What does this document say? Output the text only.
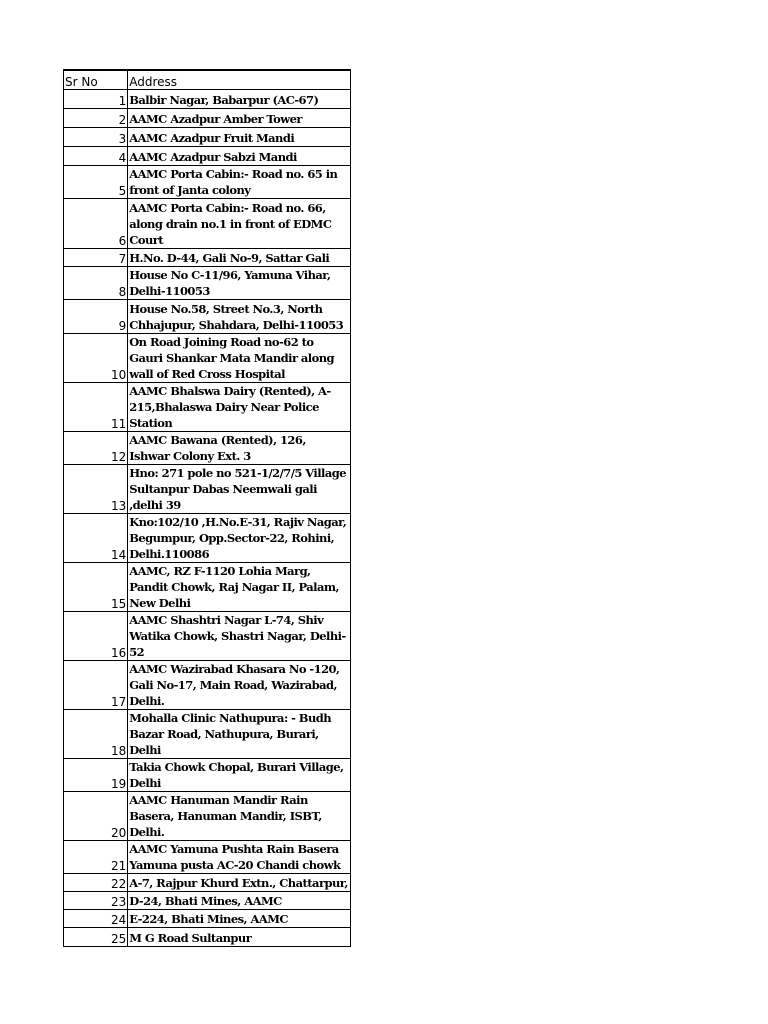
Sr No	Address
1	Balbir Nagar, Babarpur (AC-67)
2	AAMC Azadpur Amber Tower
3	AAMC Azadpur Fruit Mandi
4	AAMC Azadpur Sabzi Mandi
5	AAMC Porta Cabin:- Road no. 65 in front of Janta colony
6	AAMC Porta Cabin:- Road no. 66, along drain no.1 in front of EDMC Court
7	H.No. D-44, Gali No-9, Sattar Gali
8	House No C-11/96, Yamuna Vihar, Delhi-110053
9	House No.58, Street No.3, North Chhajupur, Shahdara, Delhi-110053
10	On Road Joining Road no-62 to Gauri Shankar Mata Mandir along wall of Red Cross Hospital
11	AAMC Bhalswa Dairy (Rented), A-215,Bhalaswa Dairy Near Police Station
12	AAMC Bawana (Rented), 126, Ishwar Colony Ext. 3
13	Hno: 271 pole no 521-1/2/7/5 Village Sultanpur Dabas Neemwali gali ,delhi 39
14	Kno:102/10 ,H.No.E-31, Rajiv Nagar, Begumpur, Opp.Sector-22, Rohini, Delhi.110086
15	AAMC, RZ F-1120 Lohia Marg, Pandit Chowk, Raj Nagar II, Palam, New Delhi
16	AAMC Shashtri Nagar L-74, Shiv Watika Chowk, Shastri Nagar, Delhi-52
17	AAMC Wazirabad Khasara No -120, Gali No-17, Main Road, Wazirabad, Delhi.
18	Mohalla Clinic Nathupura: - Budh Bazar Road, Nathupura, Burari, Delhi
19	Takia Chowk Chopal, Burari Village, Delhi
20	AAMC Hanuman Mandir Rain Basera, Hanuman Mandir, ISBT, Delhi.
21	AAMC Yamuna Pushta Rain Basera Yamuna pusta AC-20 Chandi chowk
22	A-7, Rajpur Khurd Extn., Chattarpur,
23	D-24, Bhati Mines, AAMC
24	E-224, Bhati Mines, AAMC
25	M G Road Sultanpur
